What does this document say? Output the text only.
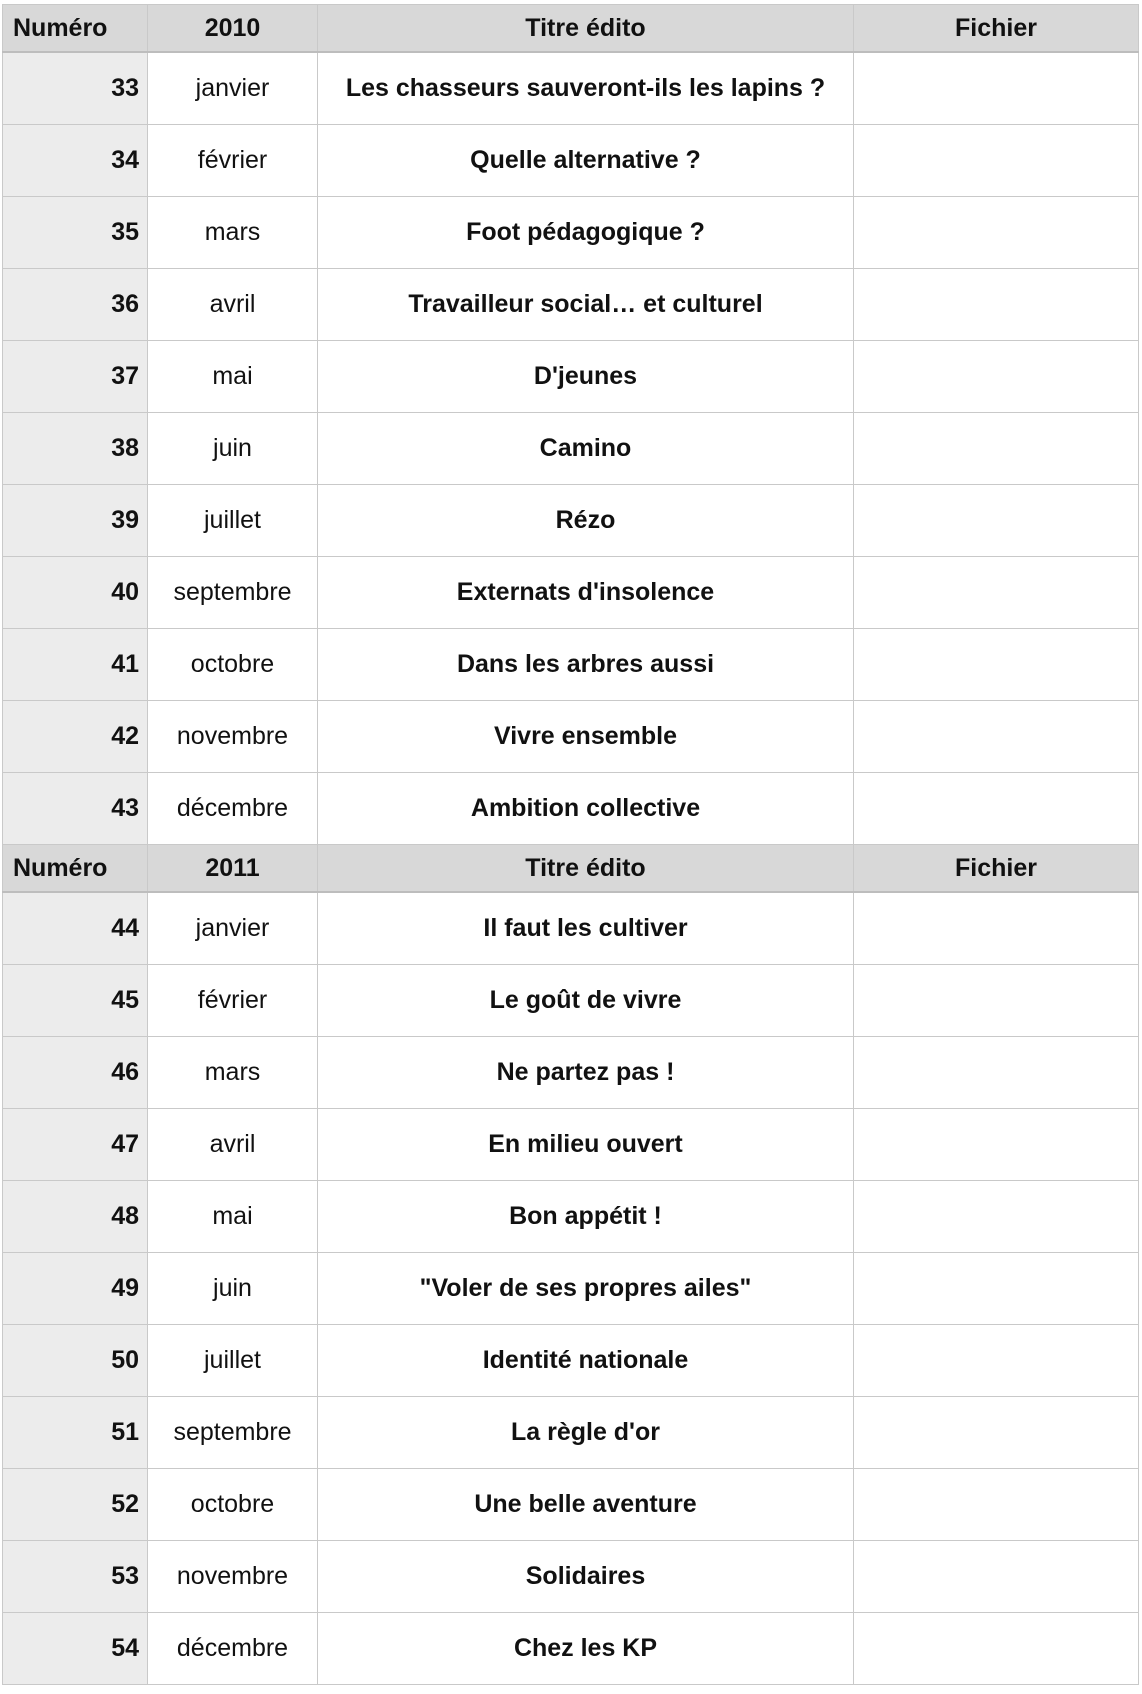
Numéro	2010	Titre édito	Fichier
33	janvier	Les chasseurs sauveront-ils les lapins ?	
34	février	Quelle alternative ?	
35	mars	Foot pédagogique ?	
36	avril	Travailleur social… et culturel	
37	mai	D'jeunes	
38	juin	Camino	
39	juillet	Rézo	
40	septembre	Externats d'insolence	
41	octobre	Dans les arbres aussi	
42	novembre	Vivre ensemble	
43	décembre	Ambition collective	
Numéro	2011	Titre édito	Fichier
44	janvier	Il faut les cultiver	
45	février	Le goût de vivre	
46	mars	Ne partez pas !	
47	avril	En milieu ouvert	
48	mai	Bon appétit !	
49	juin	"Voler de ses propres ailes"	
50	juillet	Identité nationale	
51	septembre	La règle d'or	
52	octobre	Une belle aventure	
53	novembre	Solidaires	
54	décembre	Chez les KP	
